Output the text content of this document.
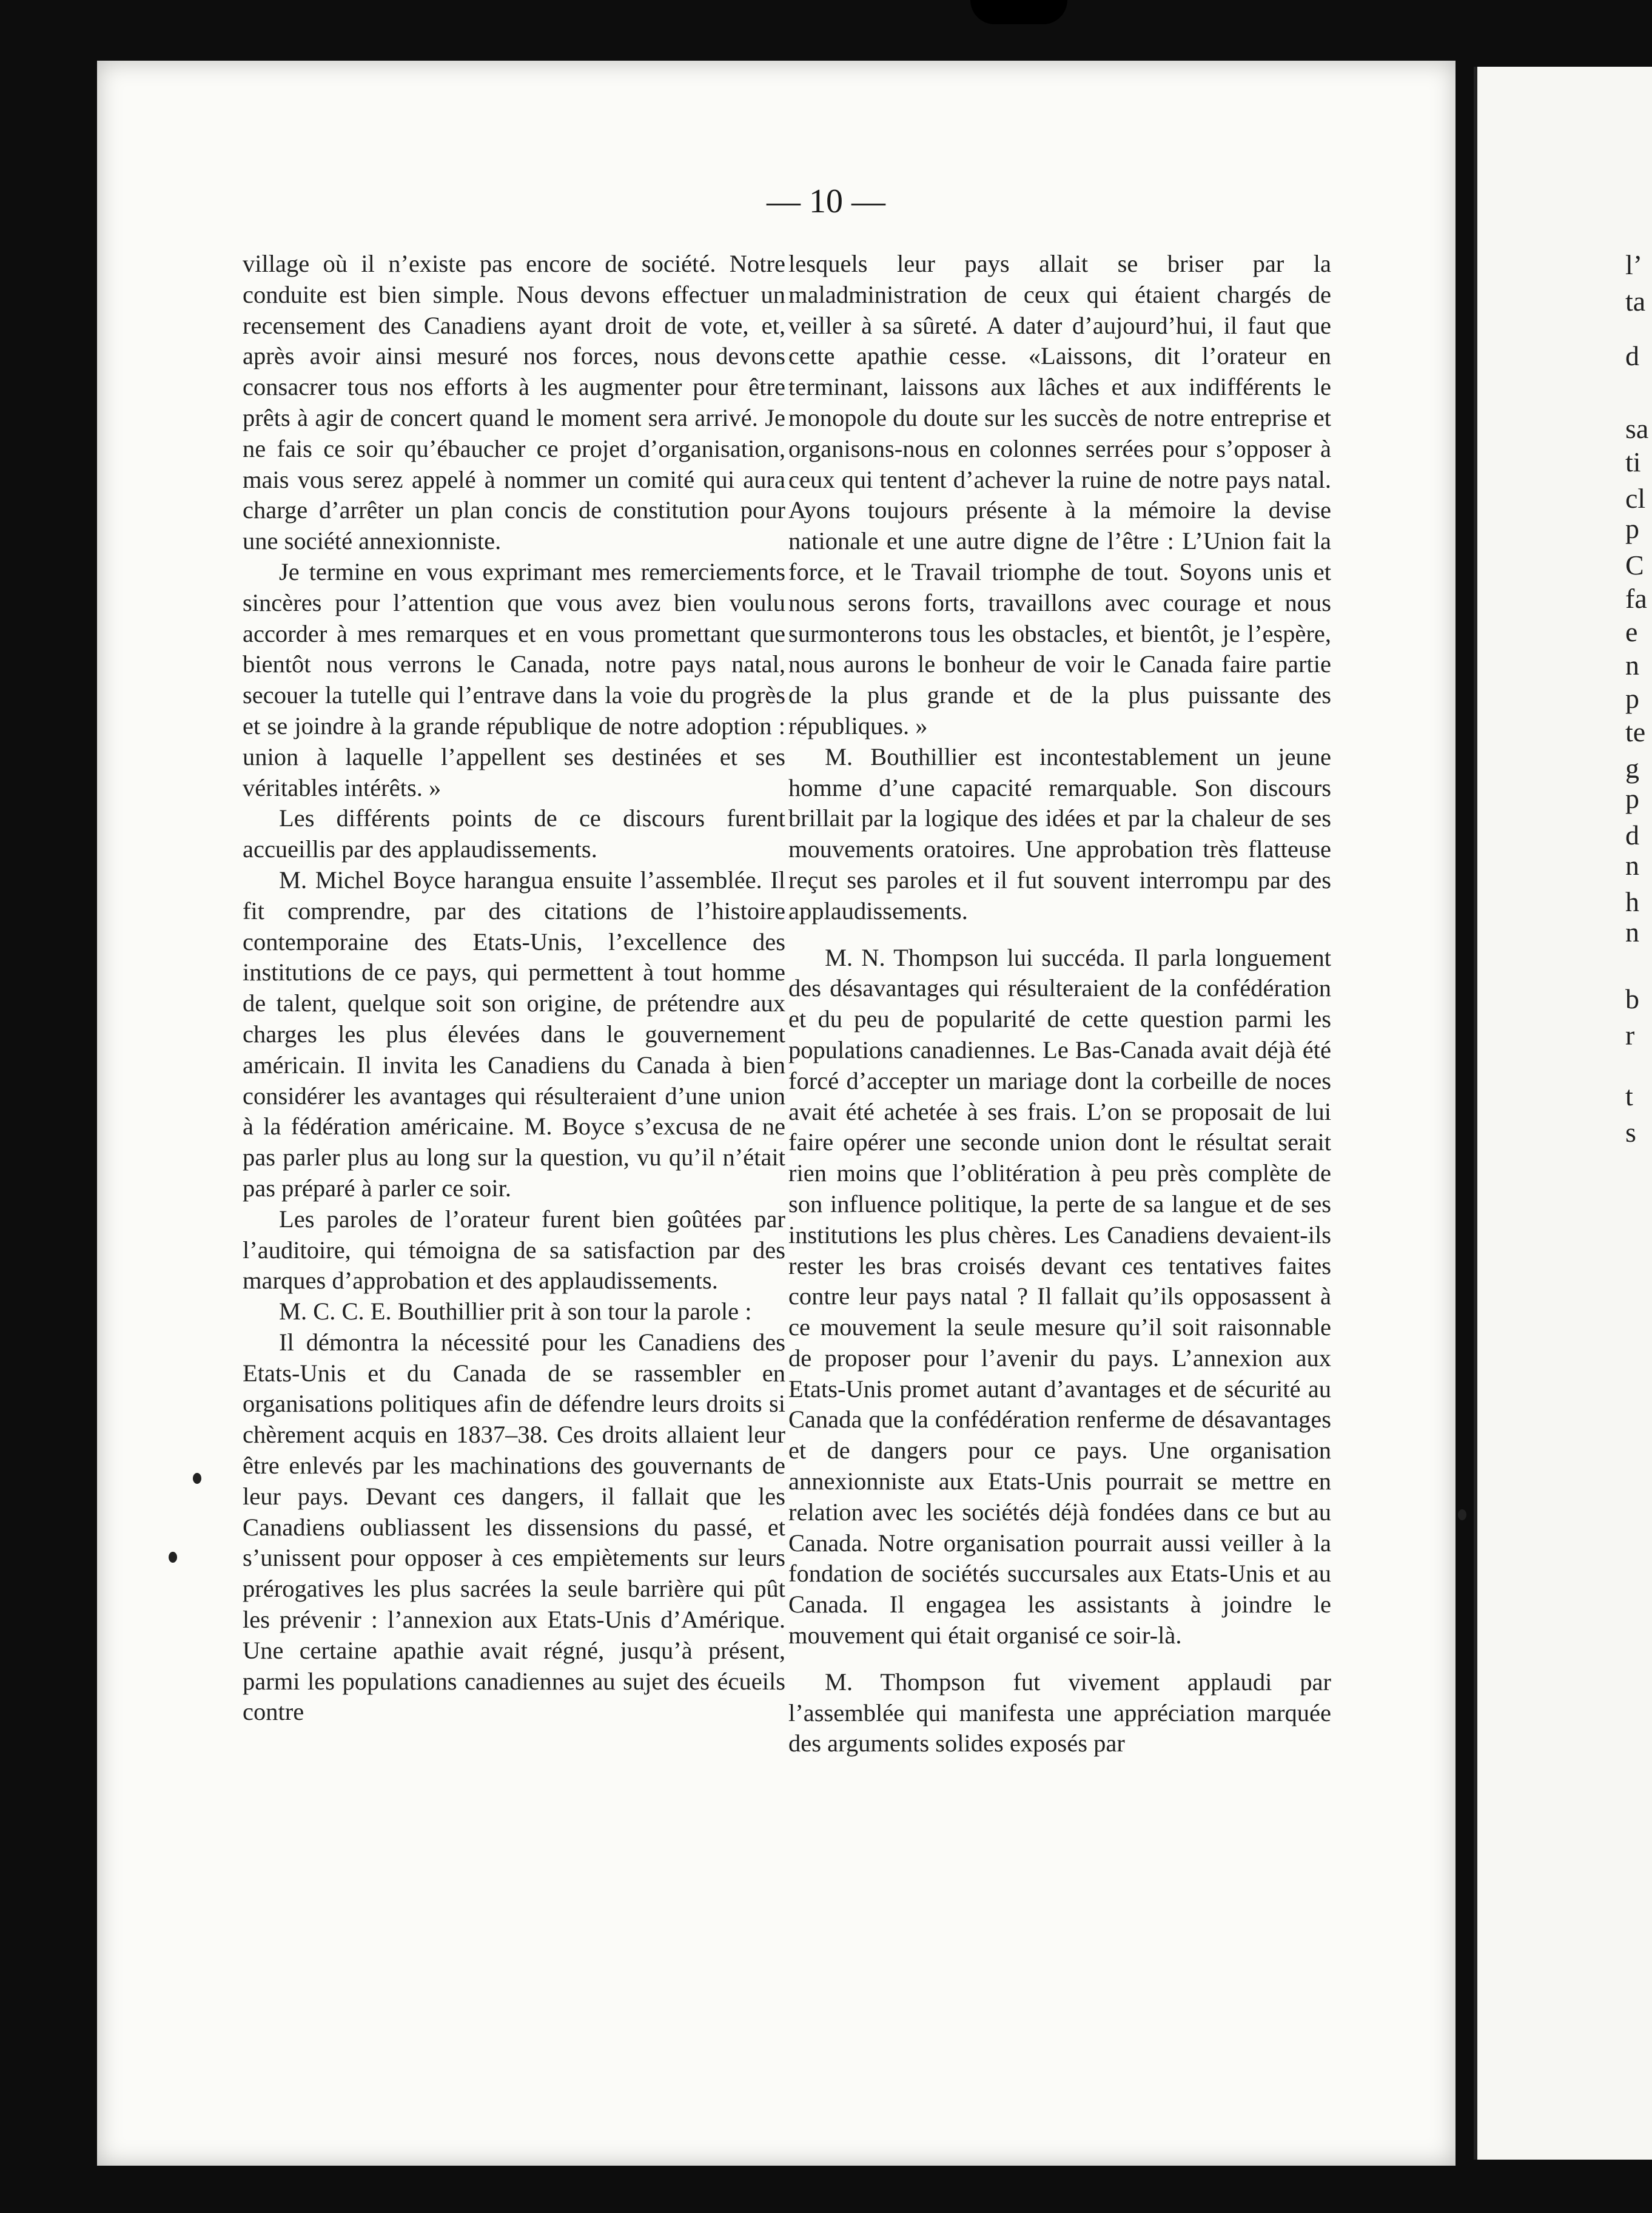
— 10 —

village où il n’existe pas encore de société. Notre conduite est bien simple. Nous devons effectuer un recensement des Canadiens ayant droit de vote, et, après avoir ainsi mesuré nos forces, nous devons consacrer tous nos efforts à les augmenter pour être prêts à agir de concert quand le moment sera arrivé. Je ne fais ce soir qu’ébaucher ce projet d’organisation, mais vous serez appelé à nommer un comité qui aura charge d’arrêter un plan concis de constitution pour une société annexionniste.

Je termine en vous exprimant mes remerciements sincères pour l’attention que vous avez bien voulu accorder à mes remarques et en vous promettant que bientôt nous verrons le Canada, notre pays natal, secouer la tutelle qui l’entrave dans la voie du progrès et se joindre à la grande république de notre adoption : union à laquelle l’appellent ses destinées et ses véritables intérêts. »

Les différents points de ce discours furent accueillis par des applaudissements.

M. Michel Boyce harangua ensuite l’assemblée. Il fit comprendre, par des citations de l’histoire contemporaine des Etats-Unis, l’excellence des institutions de ce pays, qui permettent à tout homme de talent, quelque soit son origine, de prétendre aux charges les plus élevées dans le gouvernement américain. Il invita les Canadiens du Canada à bien considérer les avantages qui résulteraient d’une union à la fédération américaine. M. Boyce s’excusa de ne pas parler plus au long sur la question, vu qu’il n’était pas préparé à parler ce soir.

Les paroles de l’orateur furent bien goûtées par l’auditoire, qui témoigna de sa satisfaction par des marques d’approbation et des applaudissements.

M. C. C. E. Bouthillier prit à son tour la parole :

Il démontra la nécessité pour les Canadiens des Etats-Unis et du Canada de se rassembler en organisations politiques afin de défendre leurs droits si chèrement acquis en 1837–38. Ces droits allaient leur être enlevés par les machinations des gouvernants de leur pays. Devant ces dangers, il fallait que les Canadiens oubliassent les dissensions du passé, et s’unissent pour opposer à ces empiètements sur leurs prérogatives les plus sacrées la seule barrière qui pût les prévenir : l’annexion aux Etats-Unis d’Amérique. Une certaine apathie avait régné, jusqu’à présent, parmi les populations canadiennes au sujet des écueils contre

lesquels leur pays allait se briser par la maladministration de ceux qui étaient chargés de veiller à sa sûreté. A dater d’aujourd’hui, il faut que cette apathie cesse. «Laissons, dit l’orateur en terminant, laissons aux lâches et aux indifférents le monopole du doute sur les succès de notre entreprise et organisons-nous en colonnes serrées pour s’opposer à ceux qui tentent d’achever la ruine de notre pays natal. Ayons toujours présente à la mémoire la devise nationale et une autre digne de l’être : L’Union fait la force, et le Travail triomphe de tout. Soyons unis et nous serons forts, travaillons avec courage et nous surmonterons tous les obstacles, et bientôt, je l’espère, nous aurons le bonheur de voir le Canada faire partie de la plus grande et de la plus puissante des républiques. »

M. Bouthillier est incontestablement un jeune homme d’une capacité remarquable. Son discours brillait par la logique des idées et par la chaleur de ses mouvements oratoires. Une approbation très flatteuse reçut ses paroles et il fut souvent interrompu par des applaudissements.

M. N. Thompson lui succéda. Il parla longuement des désavantages qui résulteraient de la confédération et du peu de popularité de cette question parmi les populations canadiennes. Le Bas-Canada avait déjà été forcé d’accepter un mariage dont la corbeille de noces avait été achetée à ses frais. L’on se proposait de lui faire opérer une seconde union dont le résultat serait rien moins que l’oblitération à peu près complète de son influence politique, la perte de sa langue et de ses institutions les plus chères. Les Canadiens devaient-ils rester les bras croisés devant ces tentatives faites contre leur pays natal ? Il fallait qu’ils opposassent à ce mouvement la seule mesure qu’il soit raisonnable de proposer pour l’avenir du pays. L’annexion aux Etats-Unis promet autant d’avantages et de sécurité au Canada que la confédération renferme de désavantages et de dangers pour ce pays. Une organisation annexionniste aux Etats-Unis pourrait se mettre en relation avec les sociétés déjà fondées dans ce but au Canada. Notre organisation pourrait aussi veiller à la fondation de sociétés succursales aux Etats-Unis et au Canada. Il engagea les assistants à joindre le mouvement qui était organisé ce soir-là.

M. Thompson fut vivement applaudi par l’assemblée qui manifesta une appréciation marquée des arguments solides exposés par

l’
ta
d
sa
ti
cl
p
C
fa
e
n
p
te
g
p
d
n
h
n
b
r
t
s
